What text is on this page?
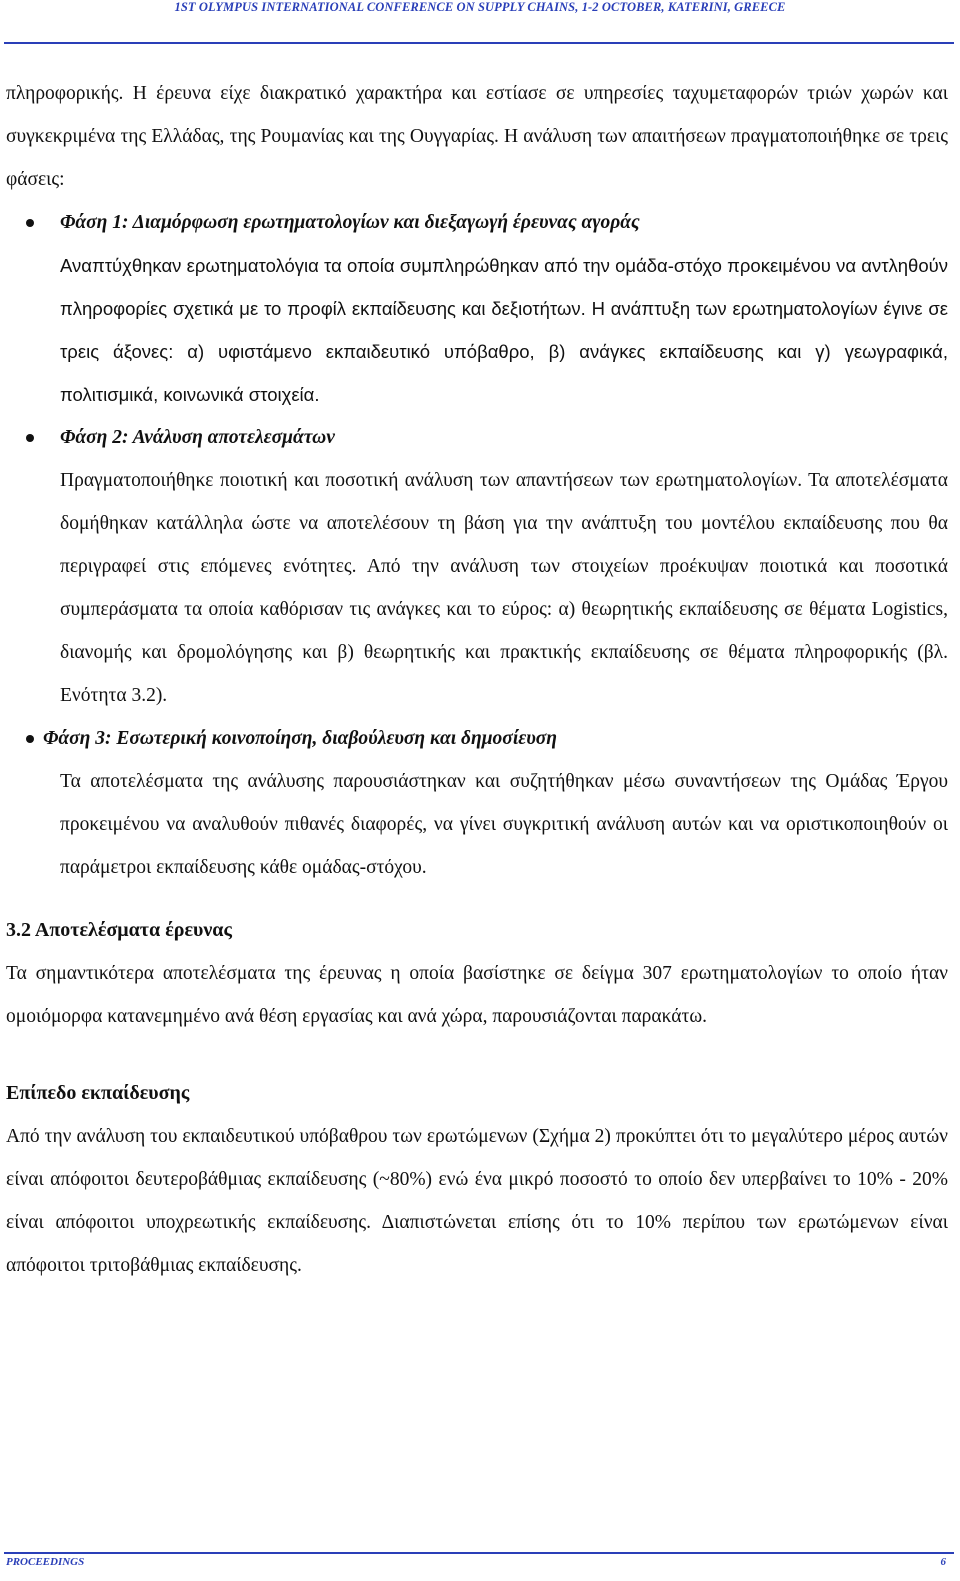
1ST OLYMPUS INTERNATIONAL CONFERENCE ON SUPPLY CHAINS, 1-2 OCTOBER, KATERINI, GREECE

πληροφορικής. Η έρευνα είχε διακρατικό χαρακτήρα και εστίασε σε υπηρεσίες ταχυμεταφορών τριών χωρών και συγκεκριμένα της Ελλάδας, της Ρουμανίας και της Ουγγαρίας. Η ανάλυση των απαιτήσεων πραγματοποιήθηκε σε τρεις φάσεις:

Φάση 1: Διαμόρφωση ερωτηματολογίων και διεξαγωγή έρευνας αγοράς

Αναπτύχθηκαν ερωτηματολόγια τα οποία συμπληρώθηκαν από την ομάδα-στόχο προκειμένου να αντληθούν πληροφορίες σχετικά με το προφίλ εκπαίδευσης και δεξιοτήτων. Η ανάπτυξη των ερωτηματολογίων έγινε σε τρεις άξονες: α) υφιστάμενο εκπαιδευτικό υπόβαθρο, β) ανάγκες εκπαίδευσης και γ) γεωγραφικά, πολιτισμικά, κοινωνικά στοιχεία.

Φάση 2: Ανάλυση αποτελεσμάτων

Πραγματοποιήθηκε ποιοτική και ποσοτική ανάλυση των απαντήσεων των ερωτηματολογίων. Τα αποτελέσματα δομήθηκαν κατάλληλα ώστε να αποτελέσουν τη βάση για την ανάπτυξη του μοντέλου εκπαίδευσης που θα περιγραφεί στις επόμενες ενότητες. Από την ανάλυση των στοιχείων προέκυψαν ποιοτικά και ποσοτικά συμπεράσματα τα οποία καθόρισαν τις ανάγκες και το εύρος: α) θεωρητικής εκπαίδευσης σε θέματα Logistics, διανομής και δρομολόγησης και β) θεωρητικής και πρακτικής εκπαίδευσης σε θέματα πληροφορικής (βλ. Ενότητα 3.2).

Φάση 3: Εσωτερική κοινοποίηση, διαβούλευση και δημοσίευση

Τα αποτελέσματα της ανάλυσης παρουσιάστηκαν και συζητήθηκαν μέσω συναντήσεων της Ομάδας Έργου προκειμένου να αναλυθούν πιθανές διαφορές, να γίνει συγκριτική ανάλυση αυτών και να οριστικοποιηθούν οι παράμετροι εκπαίδευσης κάθε ομάδας-στόχου.

3.2 Αποτελέσματα έρευνας

Τα σημαντικότερα αποτελέσματα της έρευνας η οποία βασίστηκε σε δείγμα 307 ερωτηματολογίων το οποίο ήταν ομοιόμορφα κατανεμημένο ανά θέση εργασίας και ανά χώρα, παρουσιάζονται παρακάτω.

Επίπεδο εκπαίδευσης

Από την ανάλυση του εκπαιδευτικού υπόβαθρου των ερωτώμενων (Σχήμα 2) προκύπτει ότι το μεγαλύτερο μέρος αυτών είναι απόφοιτοι δευτεροβάθμιας εκπαίδευσης (~80%) ενώ ένα μικρό ποσοστό το οποίο δεν υπερβαίνει το 10% - 20% είναι απόφοιτοι υποχρεωτικής εκπαίδευσης. Διαπιστώνεται επίσης ότι το 10% περίπου των ερωτώμενων είναι απόφοιτοι τριτοβάθμιας εκπαίδευσης.

PROCEEDINGS	6
